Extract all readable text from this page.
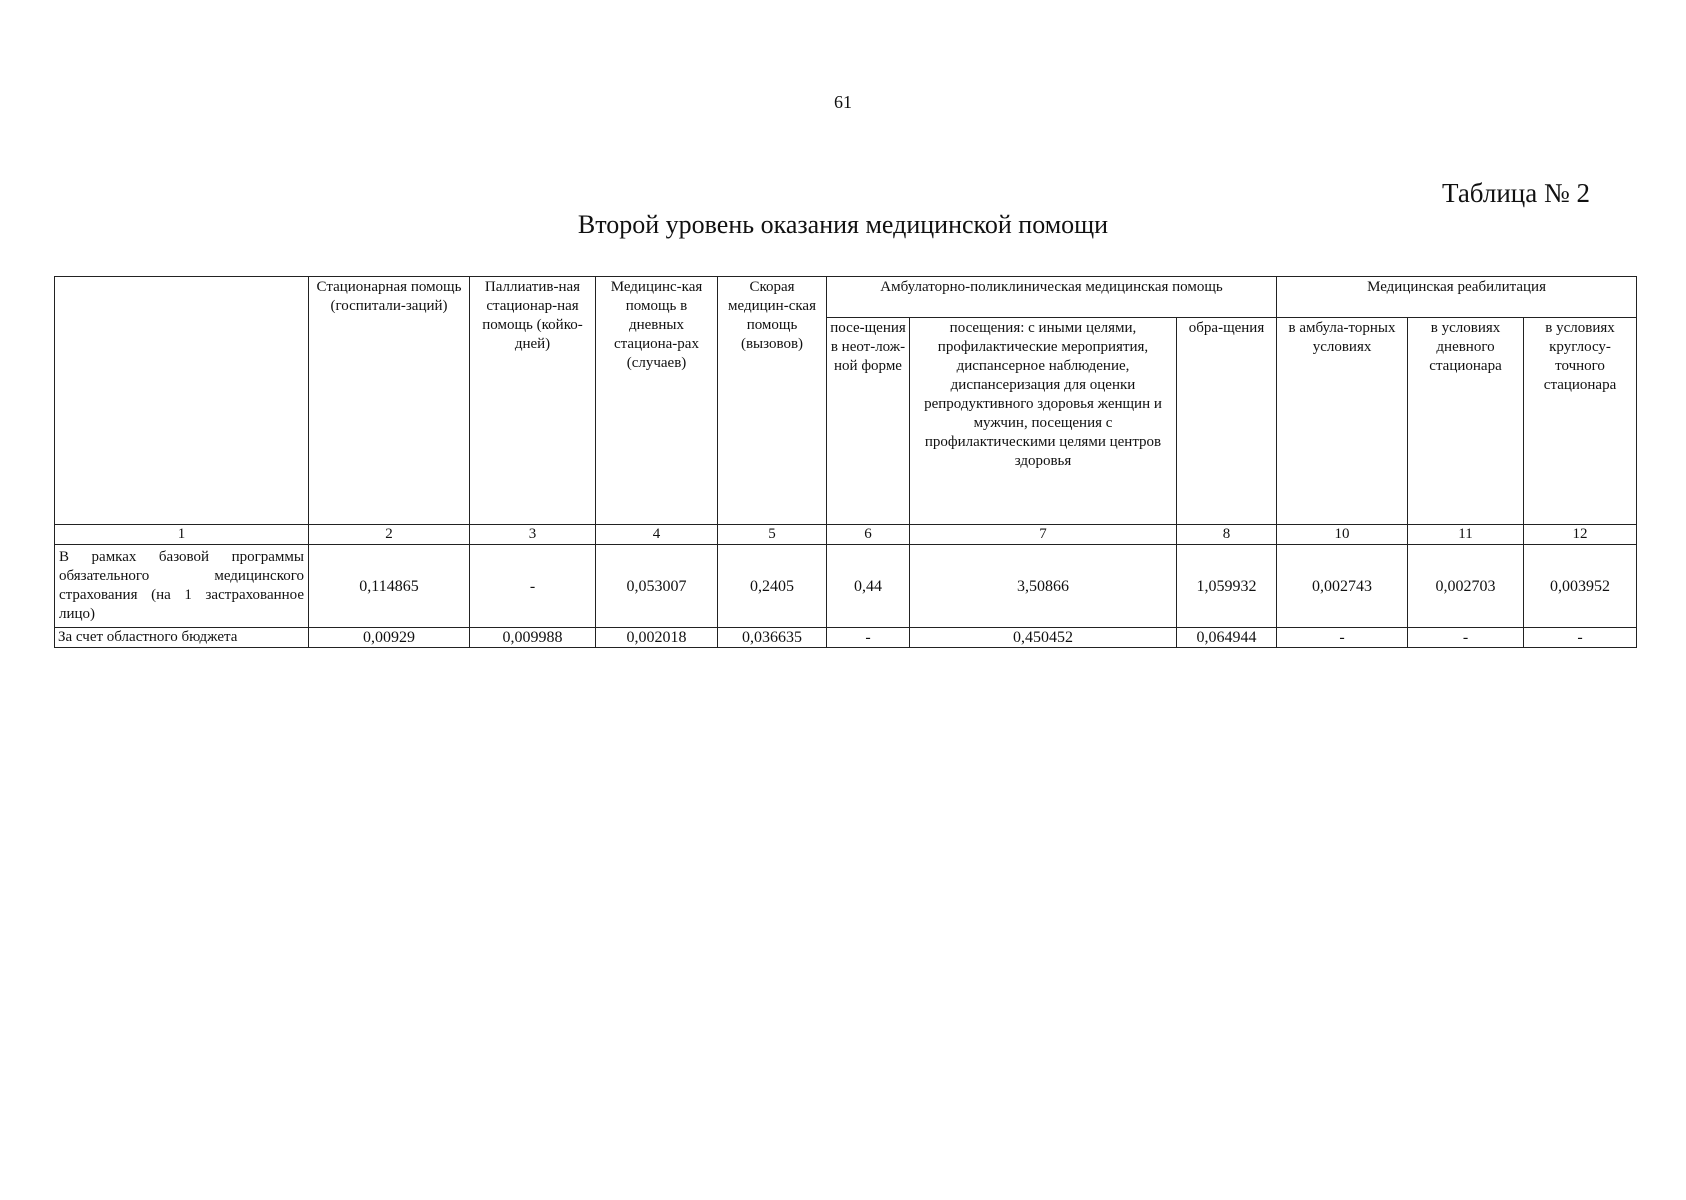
61
Таблица № 2
Второй уровень оказания медицинской помощи
	Стационарная помощь (госпитали-заций)	Паллиатив-ная стационар-ная помощь (койко-дней)	Медицинс-кая помощь в дневных стациона-рах (случаев)	Скорая медицин-ская помощь (вызовов)	Амбулаторно-поликлиническая медицинская помощь			Медицинская реабилитация		
					посе-щения в неот-лож-ной форме	посещения: с иными целями, профилактические мероприятия, диспансерное наблюдение, диспансеризация для оценки репродуктивного здоровья женщин и мужчин, посещения с профилактическими целями центров здоровья	обра-щения	в амбула-торных условиях	в условиях дневного стационара	в условиях круглосу-точного стационара
1	2	3	4	5	6	7	8	10	11	12
В рамках базовой программы обязательного медицинского страхования (на 1 застрахованное лицо)	0,114865	-	0,053007	0,2405	0,44	3,50866	1,059932	0,002743	0,002703	0,003952
За счет областного бюджета	0,00929	0,009988	0,002018	0,036635	-	0,450452	0,064944	-	-	-
